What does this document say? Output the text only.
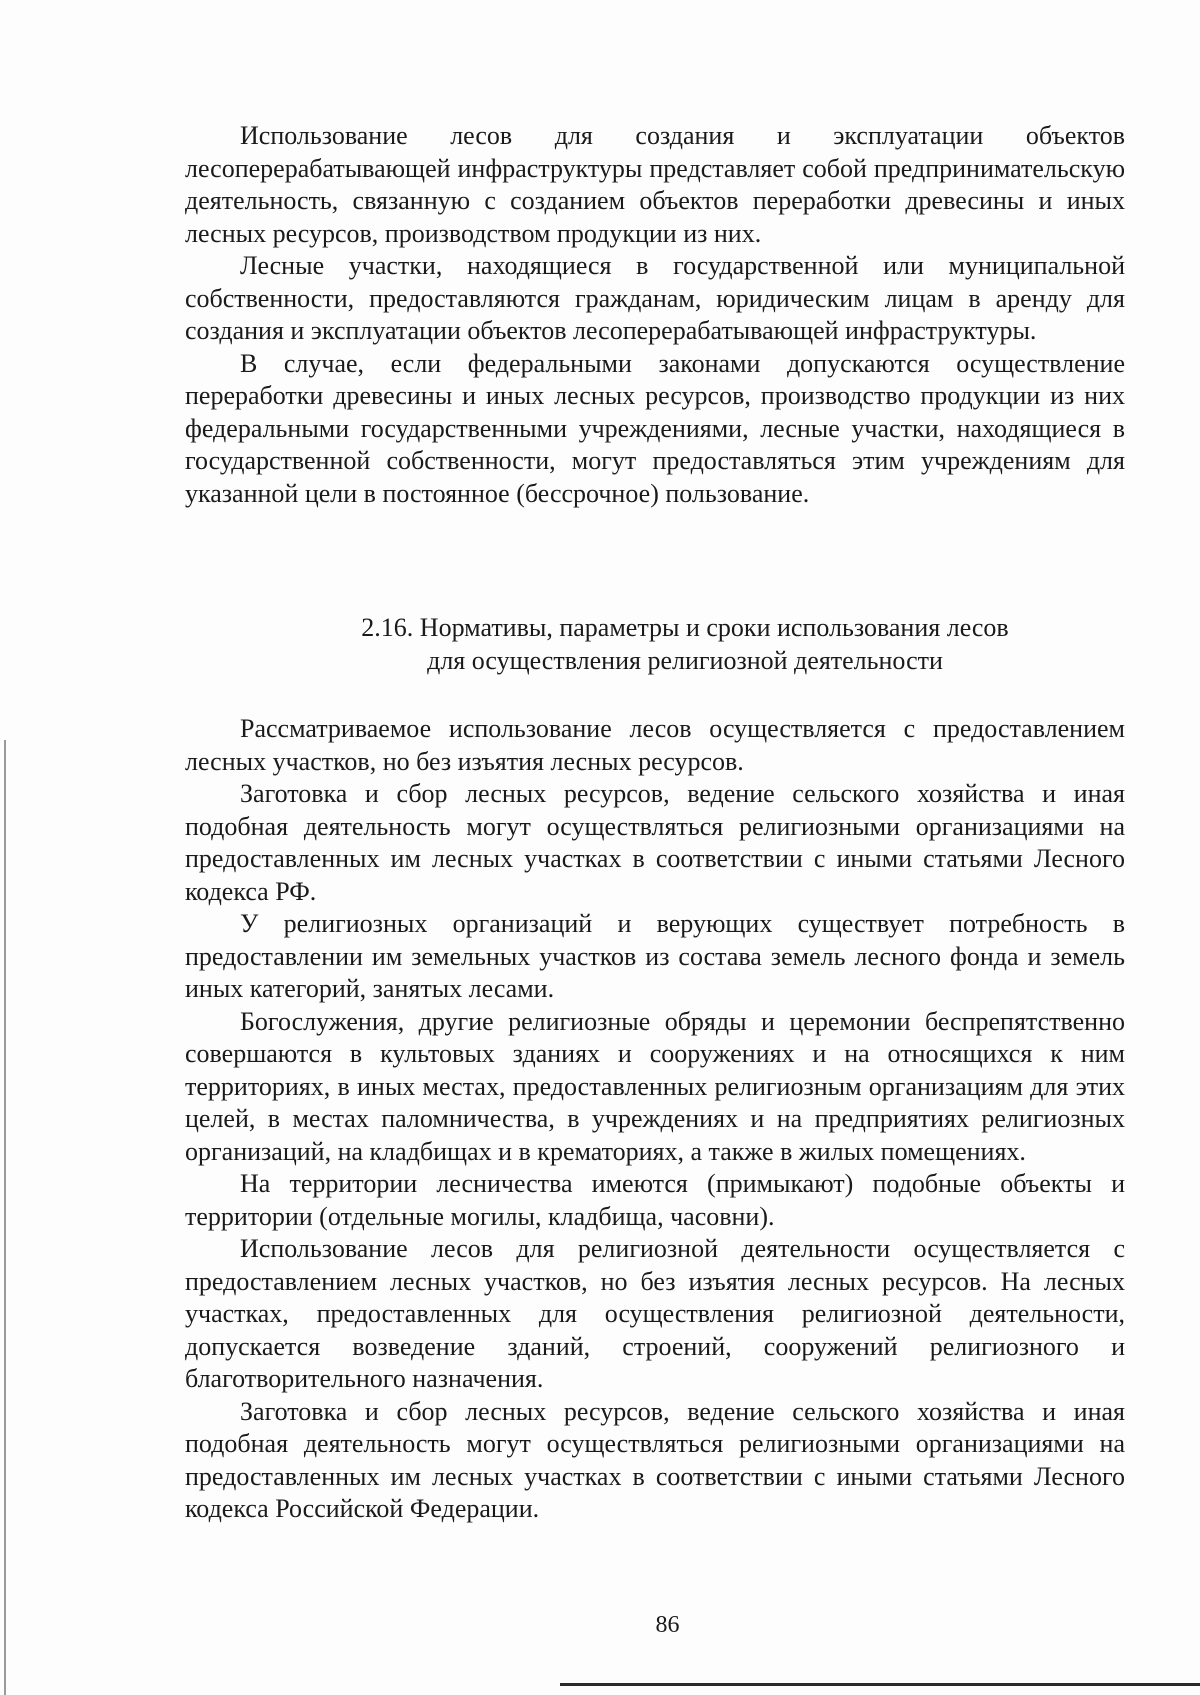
Использование лесов для создания и эксплуатации объектов лесоперерабатывающей инфраструктуры представляет собой предпринимательскую деятельность, связанную с созданием объектов переработки древесины и иных лесных ресурсов, производством продукции из них.

Лесные участки, находящиеся в государственной или муниципальной собственности, предоставляются гражданам, юридическим лицам в аренду для создания и эксплуатации объектов лесоперерабатывающей инфраструктуры.

В случае, если федеральными законами допускаются осуществление переработки древесины и иных лесных ресурсов, производство продукции из них федеральными государственными учреждениями, лесные участки, находящиеся в государственной собственности, могут предоставляться этим учреждениям для указанной цели в постоянное (бессрочное) пользование.

2.16. Нормативы, параметры и сроки использования лесов
для осуществления религиозной деятельности

Рассматриваемое использование лесов осуществляется с предоставлением лесных участков, но без изъятия лесных ресурсов.

Заготовка и сбор лесных ресурсов, ведение сельского хозяйства и иная подобная деятельность могут осуществляться религиозными организациями на предоставленных им лесных участках в соответствии с иными статьями Лесного кодекса РФ.

У религиозных организаций и верующих существует потребность в предоставлении им земельных участков из состава земель лесного фонда и земель иных категорий, занятых лесами.

Богослужения, другие религиозные обряды и церемонии беспрепятственно совершаются в культовых зданиях и сооружениях и на относящихся к ним территориях, в иных местах, предоставленных религиозным организациям для этих целей, в местах паломничества, в учреждениях и на предприятиях религиозных организаций, на кладбищах и в крематориях, а также в жилых помещениях.

На территории лесничества имеются (примыкают) подобные объекты и территории (отдельные могилы, кладбища, часовни).

Использование лесов для религиозной деятельности осуществляется с предоставлением лесных участков, но без изъятия лесных ресурсов. На лесных участках, предоставленных для осуществления религиозной деятельности, допускается возведение зданий, строений, сооружений религиозного и благотворительного назначения.

Заготовка и сбор лесных ресурсов, ведение сельского хозяйства и иная подобная деятельность могут осуществляться религиозными организациями на предоставленных им лесных участках в соответствии с иными статьями Лесного кодекса Российской Федерации.

86
